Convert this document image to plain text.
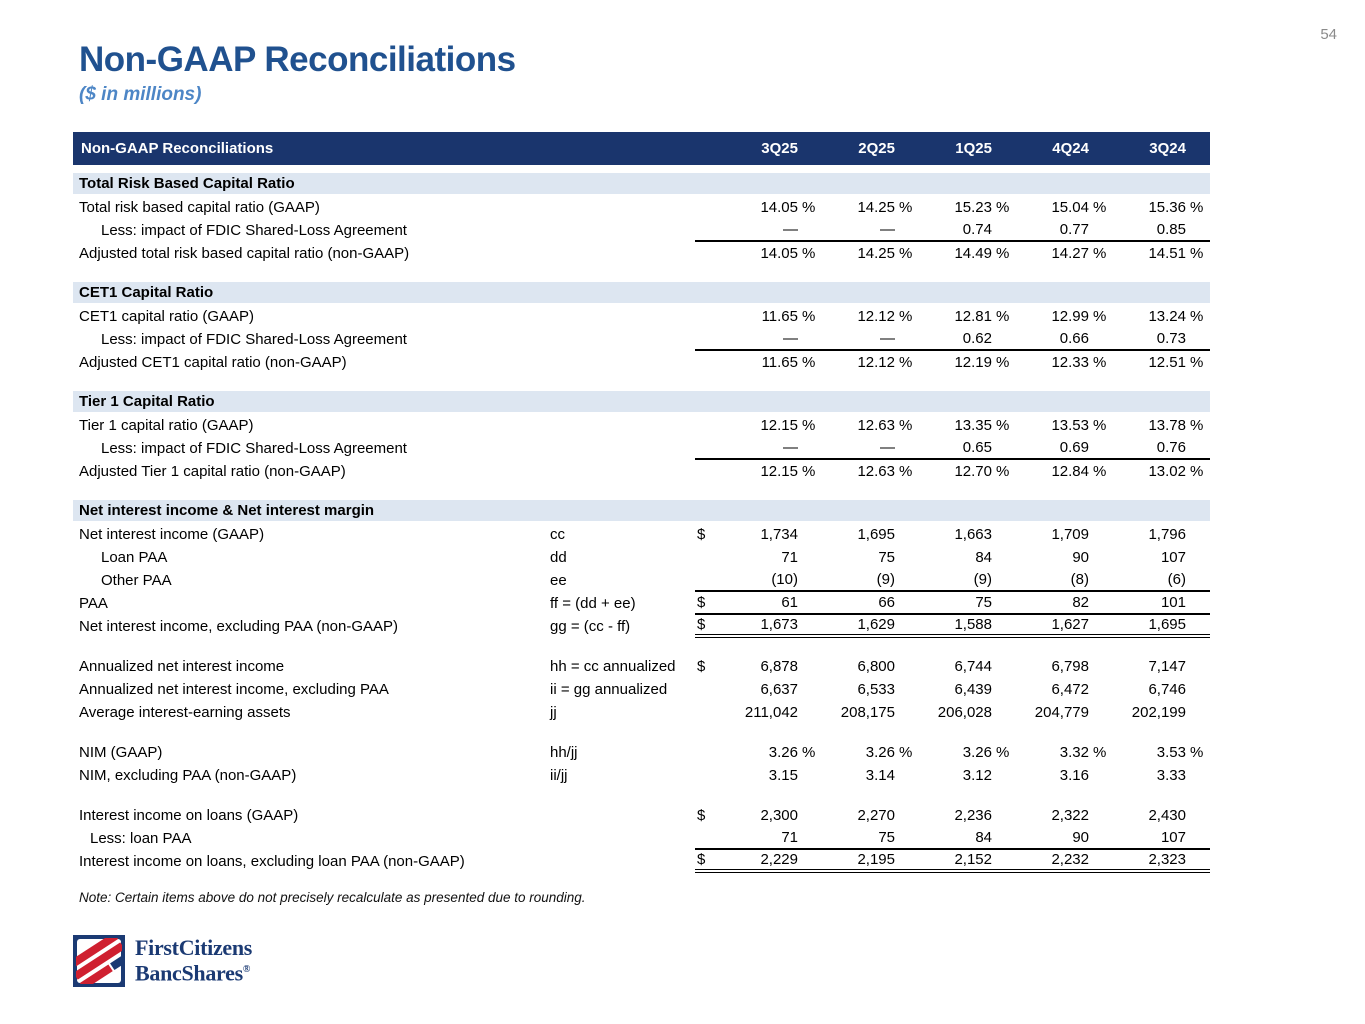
54
Non-GAAP Reconciliations
($ in millions)
Non-GAAP Reconciliations	3Q25	2Q25	1Q25	4Q24	3Q24
Total Risk Based Capital Ratio
Total risk based capital ratio (GAAP)	14.05 %	14.25 %	15.23 %	15.04 %	15.36 %
Less: impact of FDIC Shared-Loss Agreement	—	—	0.74	0.77	0.85
Adjusted total risk based capital ratio (non-GAAP)	14.05 %	14.25 %	14.49 %	14.27 %	14.51 %
CET1 Capital Ratio
CET1 capital ratio (GAAP)	11.65 %	12.12 %	12.81 %	12.99 %	13.24 %
Less: impact of FDIC Shared-Loss Agreement	—	—	0.62	0.66	0.73
Adjusted CET1 capital ratio (non-GAAP)	11.65 %	12.12 %	12.19 %	12.33 %	12.51 %
Tier 1 Capital Ratio
Tier 1 capital ratio (GAAP)	12.15 %	12.63 %	13.35 %	13.53 %	13.78 %
Less: impact of FDIC Shared-Loss Agreement	—	—	0.65	0.69	0.76
Adjusted Tier 1 capital ratio (non-GAAP)	12.15 %	12.63 %	12.70 %	12.84 %	13.02 %
Net interest income & Net interest margin
Net interest income (GAAP)	cc	$	1,734	1,695	1,663	1,709	1,796
Loan PAA	dd	71	75	84	90	107
Other PAA	ee	(10)	(9)	(9)	(8)	(6)
PAA	ff = (dd + ee)	$	61	66	75	82	101
Net interest income, excluding PAA (non-GAAP)	gg = (cc - ff)	$	1,673	1,629	1,588	1,627	1,695
Annualized net interest income	hh = cc annualized	$	6,878	6,800	6,744	6,798	7,147
Annualized net interest income, excluding PAA	ii = gg annualized	6,637	6,533	6,439	6,472	6,746
Average interest-earning assets	jj	211,042	208,175	206,028	204,779	202,199
NIM (GAAP)	hh/jj	3.26 %	3.26 %	3.26 %	3.32 %	3.53 %
NIM, excluding PAA (non-GAAP)	ii/jj	3.15	3.14	3.12	3.16	3.33
Interest income on loans (GAAP)	$	2,300	2,270	2,236	2,322	2,430
Less: loan PAA	71	75	84	90	107
Interest income on loans, excluding loan PAA (non-GAAP)	$	2,229	2,195	2,152	2,232	2,323
Note: Certain items above do not precisely recalculate as presented due to rounding.
FirstCitizens
BancShares®
